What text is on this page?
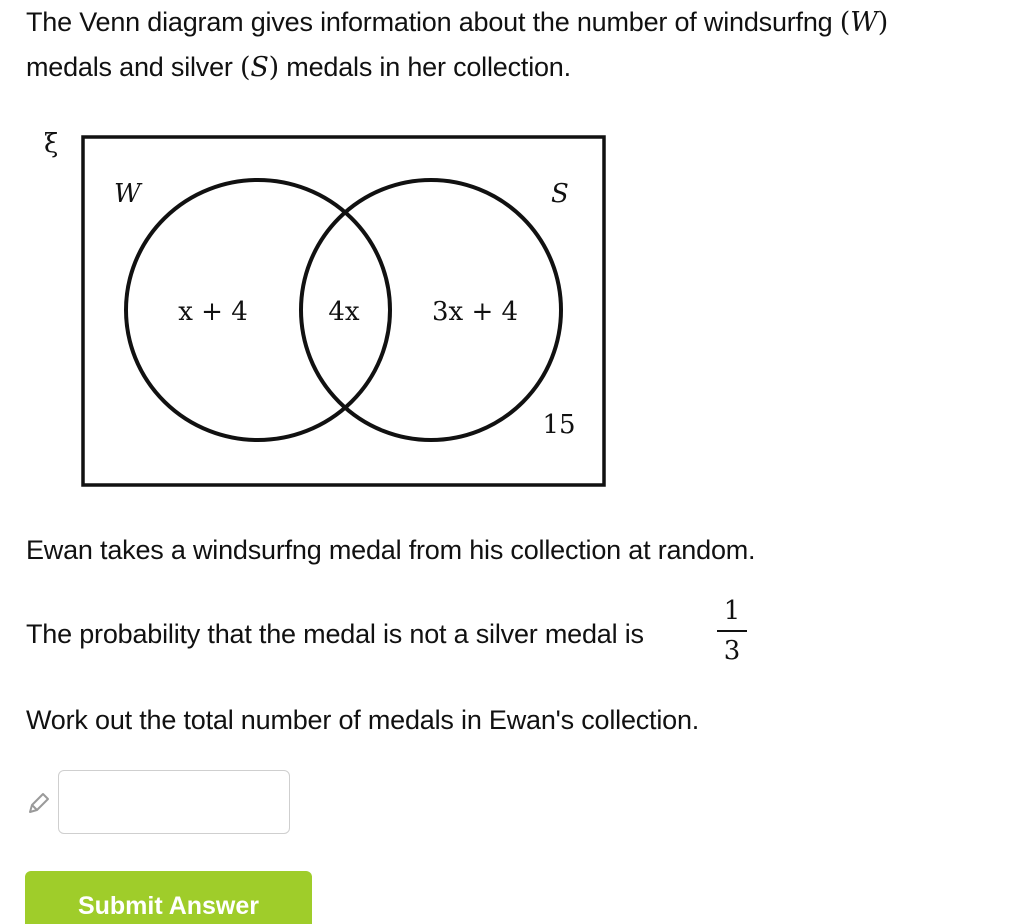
The Venn diagram gives information about the number of windsurfng (W)
medals and silver (S) medals in her collection.
ξ
W	S
x + 4	4x	3x + 4
15
Ewan takes a windsurfng medal from his collection at random.
The probability that the medal is not a silver medal is
1
3
Work out the total number of medals in Ewan's collection.
Submit Answer
